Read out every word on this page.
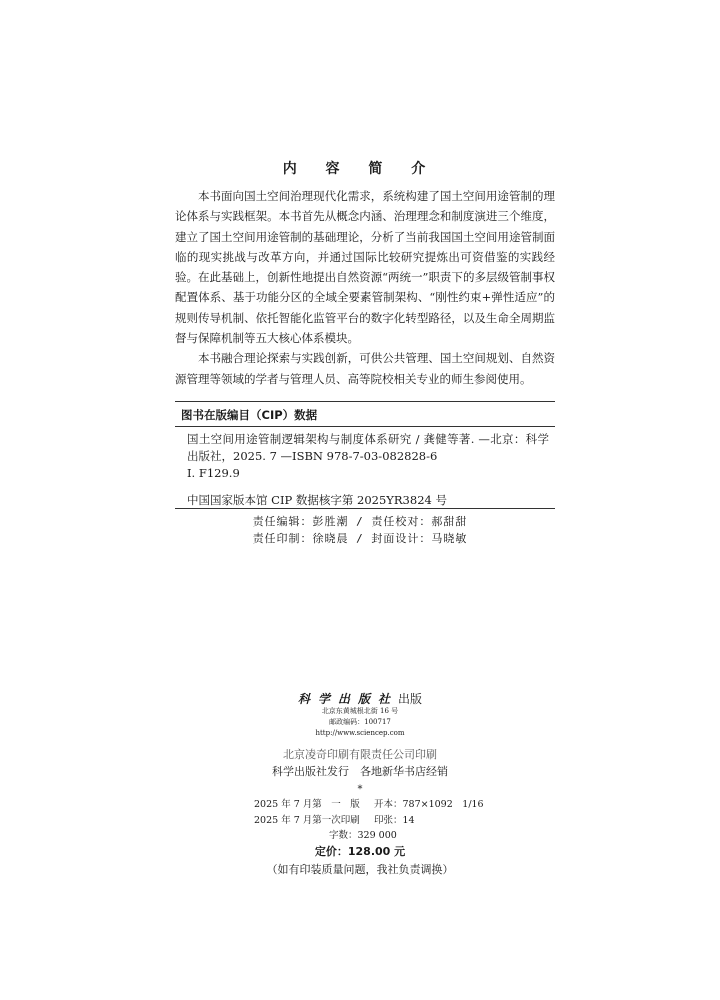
内 容 简 介

本书面向国土空间治理现代化需求，系统构建了国土空间用途管制的理论体系与实践框架。本书首先从概念内涵、治理理念和制度演进三个维度，建立了国土空间用途管制的基础理论，分析了当前我国国土空间用途管制面临的现实挑战与改革方向，并通过国际比较研究提炼出可资借鉴的实践经验。在此基础上，创新性地提出自然资源“两统一”职责下的多层级管制事权配置体系、基于功能分区的全域全要素管制架构、“刚性约束+弹性适应”的规则传导机制、依托智能化监管平台的数字化转型路径，以及生命全周期监督与保障机制等五大核心体系模块。

本书融合理论探索与实践创新，可供公共管理、国土空间规划、自然资源管理等领域的学者与管理人员、高等院校相关专业的师生参阅使用。

图书在版编目（CIP）数据
国土空间用途管制逻辑架构与制度体系研究 / 龚健等著. —北京：科学出版社，2025. 7 —ISBN 978-7-03-082828-6
Ⅰ. F129.9
中国国家版本馆 CIP 数据核字第 2025YR3824 号
责任编辑：彭胜潮 / 责任校对：郝甜甜
责任印制：徐晓晨 / 封面设计：马晓敏
科学出版社出版
北京东黄城根北街 16 号
邮政编码：100717
http://www.sciencep.com
北京凌奇印刷有限责任公司印刷
科学出版社发行　各地新华书店经销
*
2025 年 7 月第　一　版	开本：787×1092　1/16
2025 年 7 月第一次印刷	印张：14
字数：329 000
定价：128.00 元
（如有印装质量问题，我社负责调换）
